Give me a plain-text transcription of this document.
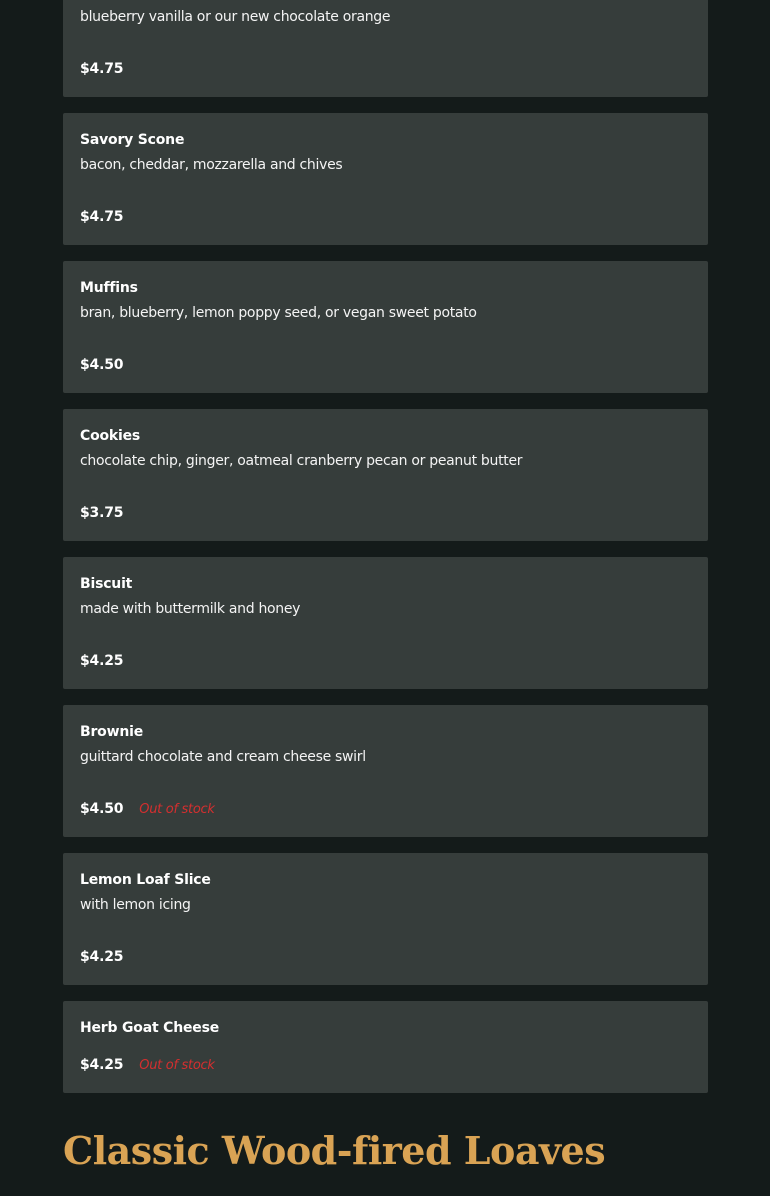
blueberry vanilla or our new chocolate orange
$4.75
Savory Scone
bacon, cheddar, mozzarella and chives
$4.75
Muffins
bran, blueberry, lemon poppy seed, or vegan sweet potato
$4.50
Cookies
chocolate chip, ginger, oatmeal cranberry pecan or peanut butter
$3.75
Biscuit
made with buttermilk and honey
$4.25
Brownie
guittard chocolate and cream cheese swirl
$4.50 Out of stock
Lemon Loaf Slice
with lemon icing
$4.25
Herb Goat Cheese
$4.25 Out of stock
Classic Wood-fired Loaves
